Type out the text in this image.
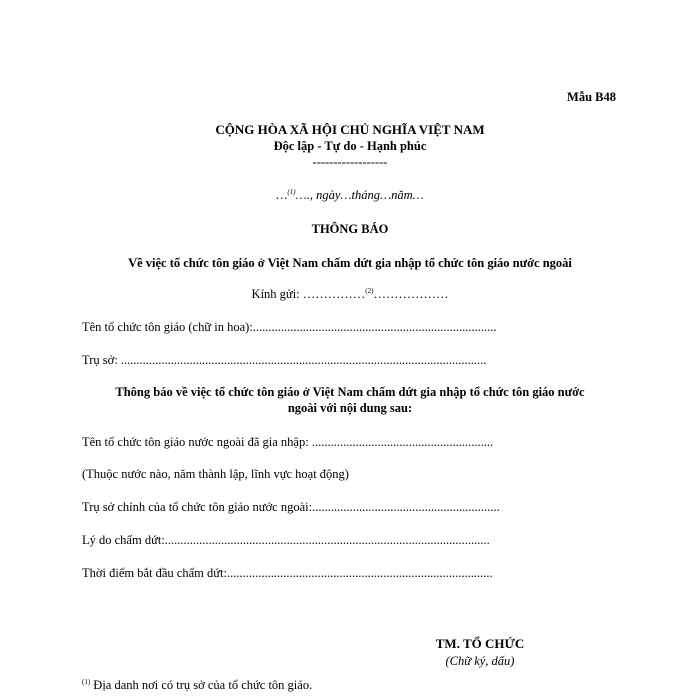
Mẫu B48
CỘNG HÒA XÃ HỘI CHỦ NGHĨA VIỆT NAM
Độc lập - Tự do - Hạnh phúc
------------------
…$^{(1)}$…., ngày…tháng…năm…
THÔNG BÁO
Về việc tổ chức tôn giáo ở Việt Nam chấm dứt gia nhập tổ chức tôn giáo nước ngoài
Kính gửi: ……………$^{(2)}$………………
Tên tổ chức tôn giáo (chữ in hoa):..............................................................................
Trụ sở: .....................................................................................................................
Thông báo về việc tổ chức tôn giáo ở Việt Nam chấm dứt gia nhập tổ chức tôn giáo nước
ngoài với nội dung sau:
Tên tổ chức tôn giáo nước ngoài đã gia nhập: ..........................................................
(Thuộc nước nào, năm thành lập, lĩnh vực hoạt động)
Trụ sở chính của tổ chức tôn giáo nước ngoài:............................................................
Lý do chấm dứt:........................................................................................................
Thời điểm bắt đầu chấm dứt:.....................................................................................
TM. TỔ CHỨC
(Chữ ký, dấu)
$^{(1)}$ Địa danh nơi có trụ sở của tổ chức tôn giáo.
